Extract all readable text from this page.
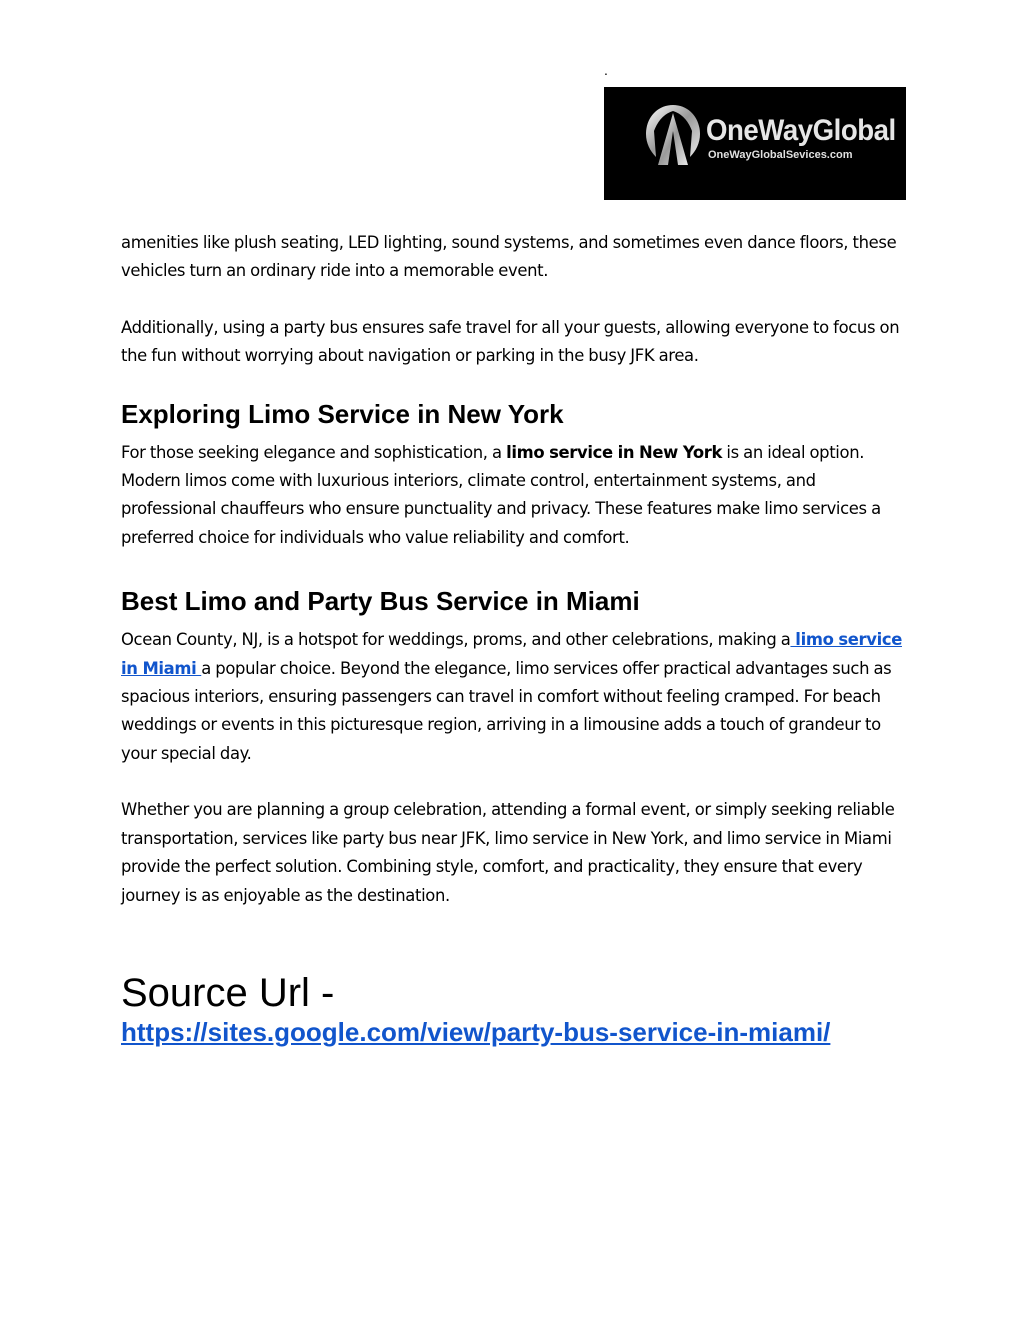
.
OneWayGlobal
OneWayGlobalSevices.com

amenities like plush seating, LED lighting, sound systems, and sometimes even dance floors, these vehicles turn an ordinary ride into a memorable event.

Additionally, using a party bus ensures safe travel for all your guests, allowing everyone to focus on the fun without worrying about navigation or parking in the busy JFK area.

Exploring Limo Service in New York

For those seeking elegance and sophistication, a limo service in New York is an ideal option. Modern limos come with luxurious interiors, climate control, entertainment systems, and professional chauffeurs who ensure punctuality and privacy. These features make limo services a preferred choice for individuals who value reliability and comfort.

Best Limo and Party Bus Service in Miami

Ocean County, NJ, is a hotspot for weddings, proms, and other celebrations, making a limo service in Miami a popular choice. Beyond the elegance, limo services offer practical advantages such as spacious interiors, ensuring passengers can travel in comfort without feeling cramped. For beach weddings or events in this picturesque region, arriving in a limousine adds a touch of grandeur to your special day.

Whether you are planning a group celebration, attending a formal event, or simply seeking reliable transportation, services like party bus near JFK, limo service in New York, and limo service in Miami provide the perfect solution. Combining style, comfort, and practicality, they ensure that every journey is as enjoyable as the destination.

Source Url -
https://sites.google.com/view/party-bus-service-in-miami/
